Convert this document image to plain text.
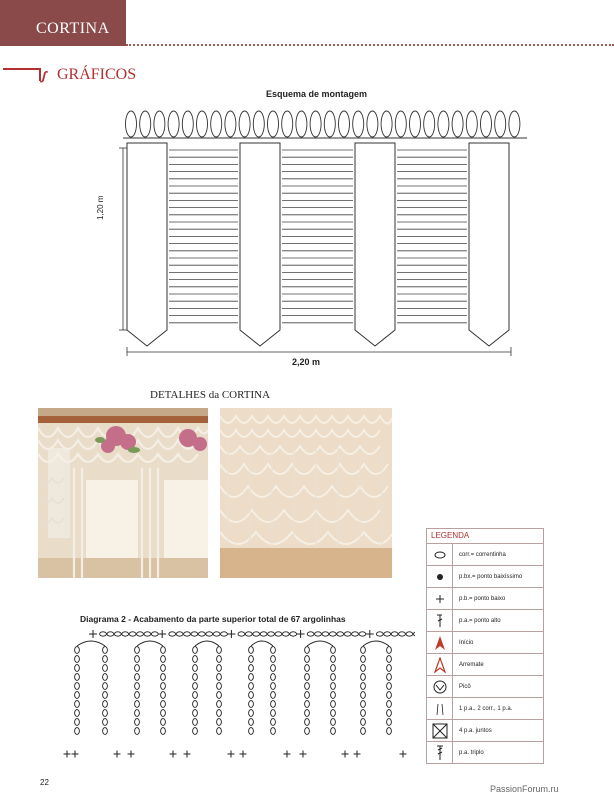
CORTINA
ꭍ GRÁFICOS
Esquema de montagem
1,20 m
2,20 m
DETALHES da CORTINA
LEGENDA
corr.= correntinha
p.bx.= ponto baixíssimo
p.b.= ponto baixo
p.a.= ponto alto
Início
Arremate
Picô
1 p.a., 2 corr., 1 p.a.
4 p.a. juntos
p.a. triplo
Diagrama 2 - Acabamento da parte superior total de 67 argolinhas
22
PassionForum.ru
